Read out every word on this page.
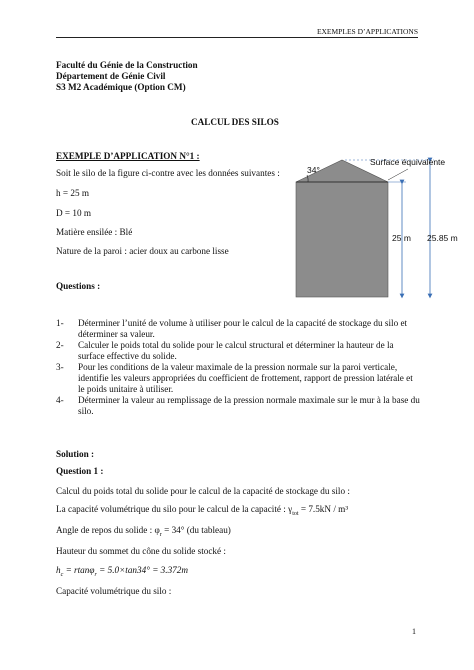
EXEMPLES D’APPLICATIONS
Faculté du Génie de la Construction
Département de Génie Civil
S3 M2 Académique (Option CM)
CALCUL DES SILOS
EXEMPLE D’APPLICATION N°1 :
Soit le silo de la figure ci-contre avec les données suivantes :
h = 25 m
D = 10 m
Matière ensilée : Blé
Nature de la paroi : acier doux au carbone lisse
34°
Surface équivalente
25 m 25.85 m
Questions :
1- Déterminer l’unité de volume à utiliser pour le calcul de la capacité de stockage du silo et déterminer sa valeur.
2- Calculer le poids total du solide pour le calcul structural et déterminer la hauteur de la surface effective du solide.
3- Pour les conditions de la valeur maximale de la pression normale sur la paroi verticale, identifie les valeurs appropriées du coefficient de frottement, rapport de pression latérale et le poids unitaire à utiliser.
4- Déterminer la valeur au remplissage de la pression normale maximale sur le mur à la base du silo.
Solution :
Question 1 :
Calcul du poids total du solide pour le calcul de la capacité de stockage du silo :
La capacité volumétrique du silo pour le calcul de la capacité : $\gamma_{tot} = 7.5kN / m^3$
Angle de repos du solide : $\varphi_r = 34^\circ$ (du tableau)
Hauteur du sommet du cône du solide stocké :
$h_c = rtan\varphi_r = 5.0\times\tan 34^\circ = 3.372m$
Capacité volumétrique du silo :
1
